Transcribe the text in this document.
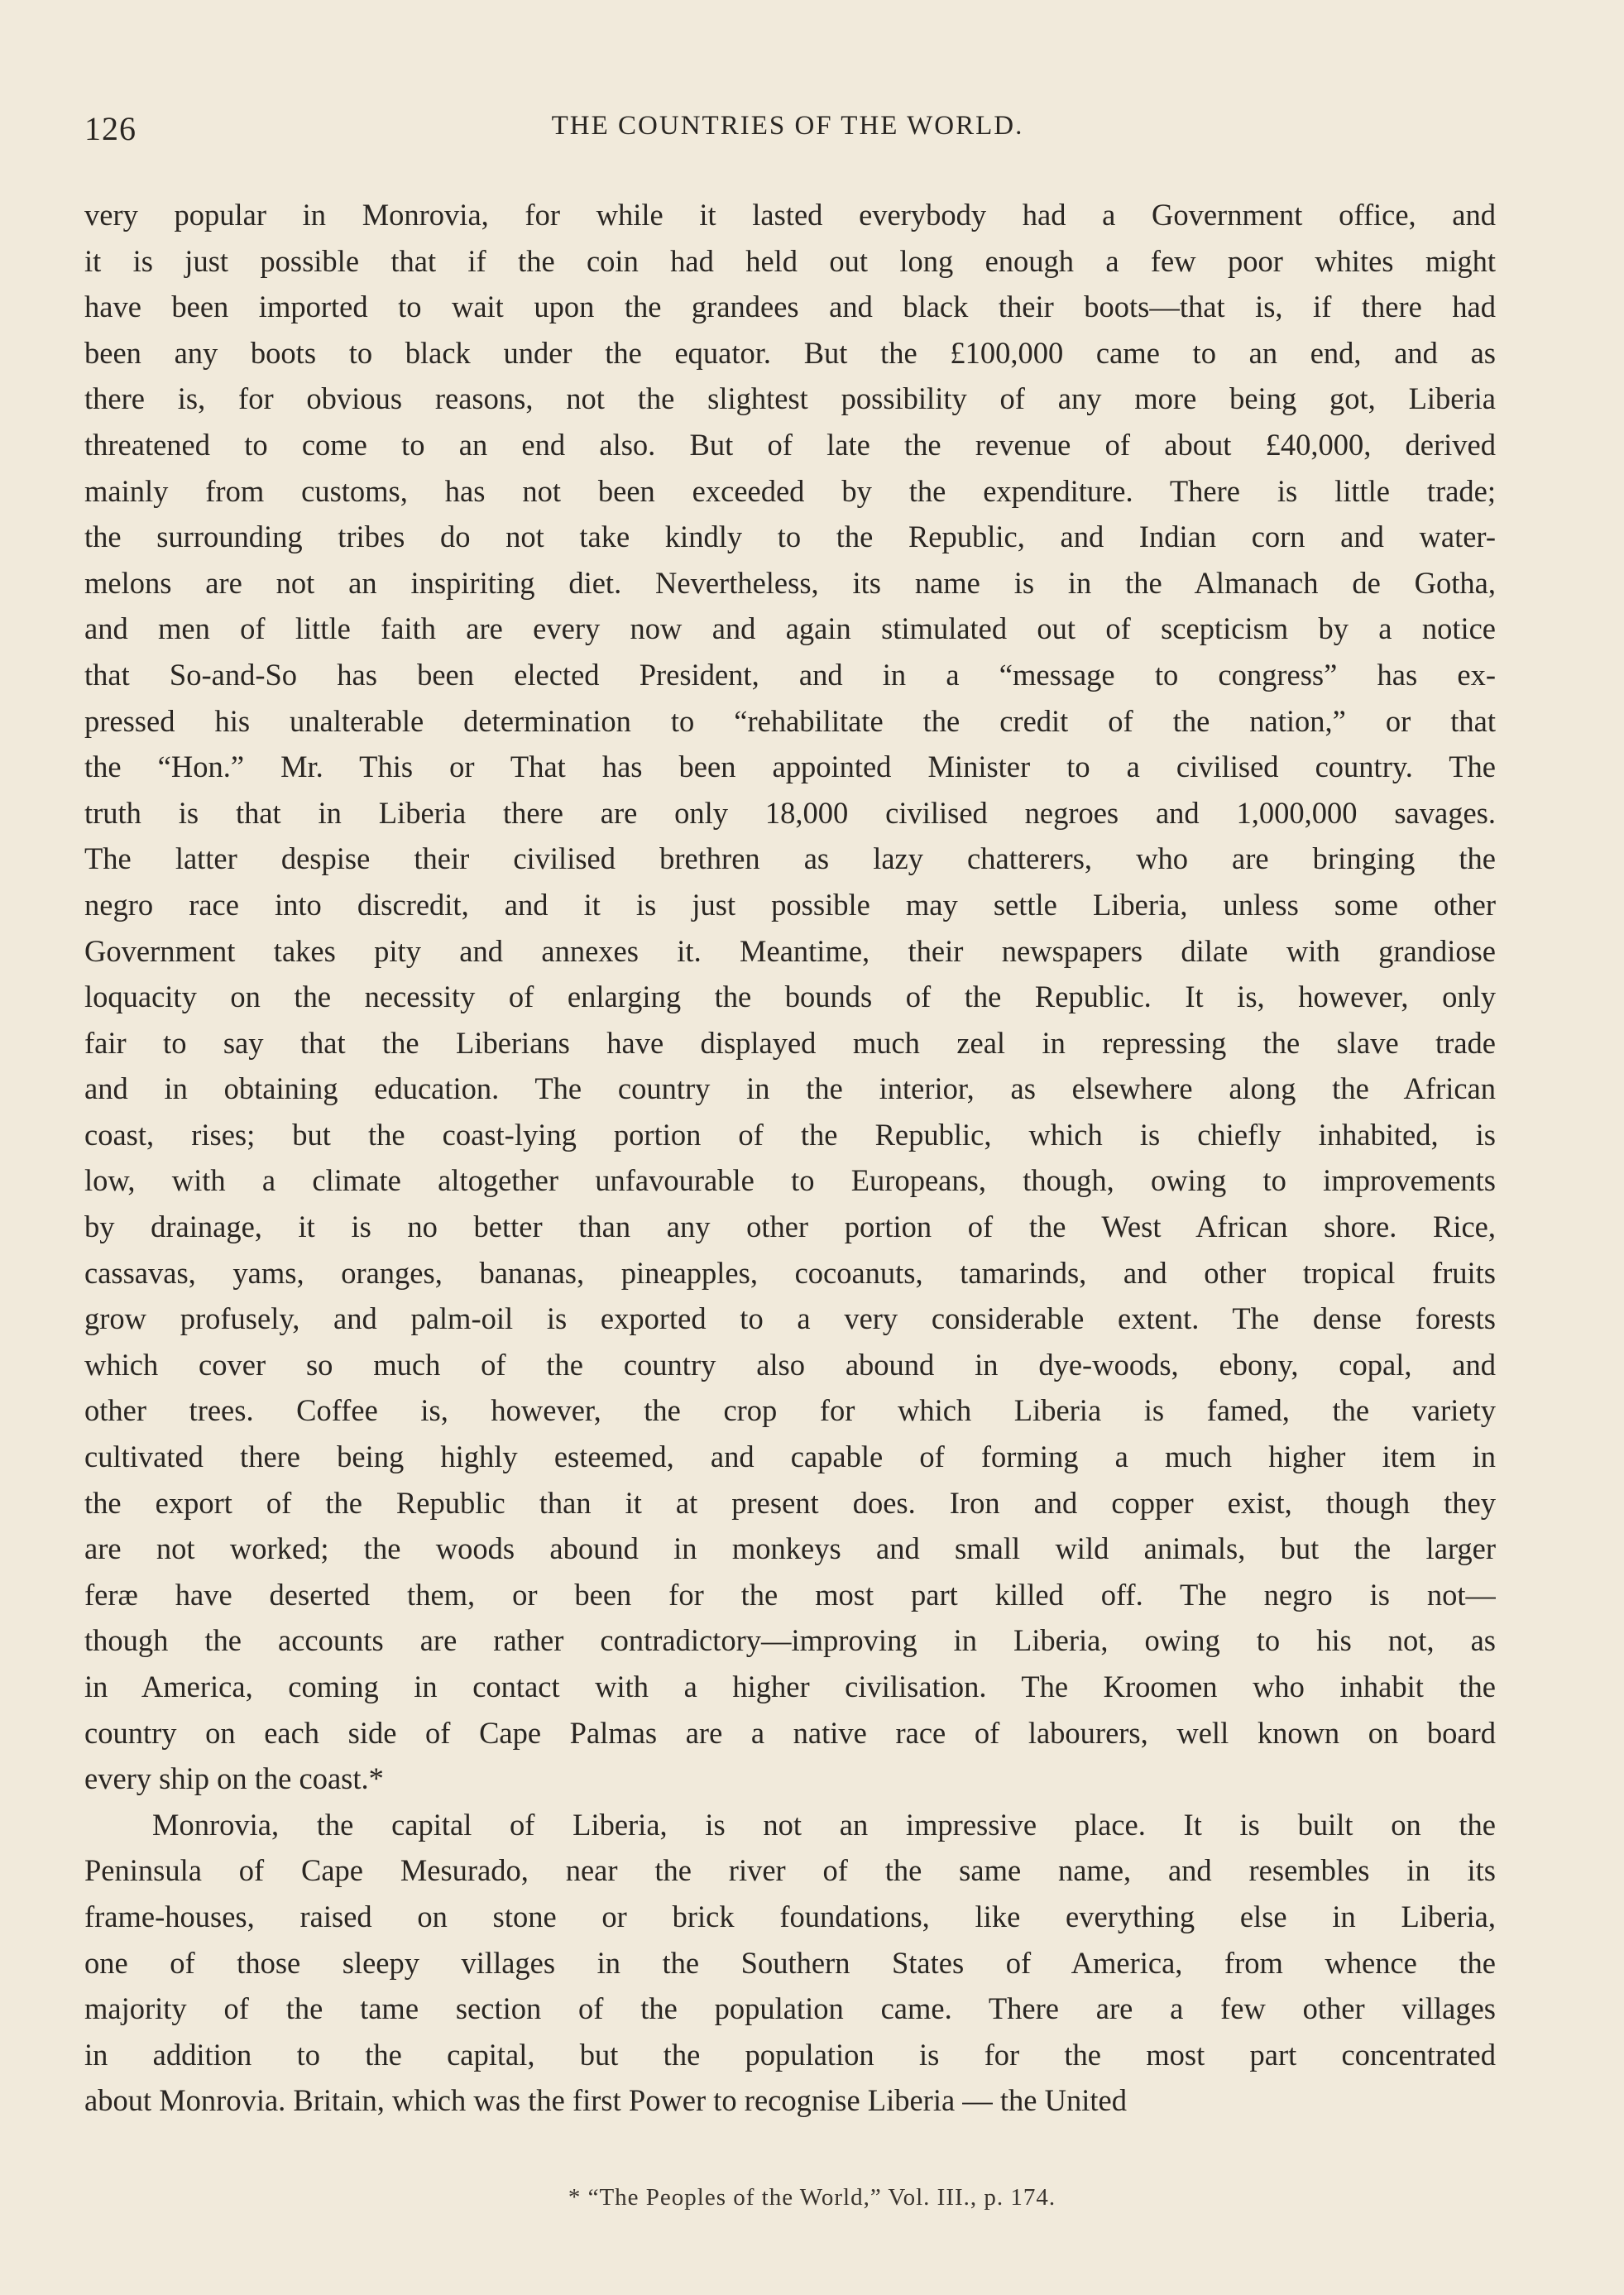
126	THE COUNTRIES OF THE WORLD.
very popular in Monrovia, for while it lasted everybody had a Government office, and
it is just possible that if the coin had held out long enough a few poor whites might
have been imported to wait upon the grandees and black their boots—that is, if there had
been any boots to black under the equator. But the £100,000 came to an end, and as
there is, for obvious reasons, not the slightest possibility of any more being got, Liberia
threatened to come to an end also. But of late the revenue of about £40,000, derived
mainly from customs, has not been exceeded by the expenditure. There is little trade;
the surrounding tribes do not take kindly to the Republic, and Indian corn and water-
melons are not an inspiriting diet. Nevertheless, its name is in the Almanach de Gotha,
and men of little faith are every now and again stimulated out of scepticism by a notice
that So-and-So has been elected President, and in a “message to congress” has ex-
pressed his unalterable determination to “rehabilitate the credit of the nation,” or that
the “Hon.” Mr. This or That has been appointed Minister to a civilised country. The
truth is that in Liberia there are only 18,000 civilised negroes and 1,000,000 savages.
The latter despise their civilised brethren as lazy chatterers, who are bringing the
negro race into discredit, and it is just possible may settle Liberia, unless some other
Government takes pity and annexes it. Meantime, their newspapers dilate with grandiose
loquacity on the necessity of enlarging the bounds of the Republic. It is, however, only
fair to say that the Liberians have displayed much zeal in repressing the slave trade
and in obtaining education. The country in the interior, as elsewhere along the African
coast, rises; but the coast-lying portion of the Republic, which is chiefly inhabited, is
low, with a climate altogether unfavourable to Europeans, though, owing to improvements
by drainage, it is no better than any other portion of the West African shore. Rice,
cassavas, yams, oranges, bananas, pineapples, cocoanuts, tamarinds, and other tropical fruits
grow profusely, and palm-oil is exported to a very considerable extent. The dense forests
which cover so much of the country also abound in dye-woods, ebony, copal, and
other trees. Coffee is, however, the crop for which Liberia is famed, the variety
cultivated there being highly esteemed, and capable of forming a much higher item in
the export of the Republic than it at present does. Iron and copper exist, though they
are not worked; the woods abound in monkeys and small wild animals, but the larger
feræ have deserted them, or been for the most part killed off. The negro is not—
though the accounts are rather contradictory—improving in Liberia, owing to his not, as
in America, coming in contact with a higher civilisation. The Kroomen who inhabit the
country on each side of Cape Palmas are a native race of labourers, well known on board
every ship on the coast.*
Monrovia, the capital of Liberia, is not an impressive place. It is built on the
Peninsula of Cape Mesurado, near the river of the same name, and resembles in its
frame-houses, raised on stone or brick foundations, like everything else in Liberia,
one of those sleepy villages in the Southern States of America, from whence the
majority of the tame section of the population came. There are a few other villages
in addition to the capital, but the population is for the most part concentrated
about Monrovia. Britain, which was the first Power to recognise Liberia — the United
* “The Peoples of the World,” Vol. III., p. 174.
